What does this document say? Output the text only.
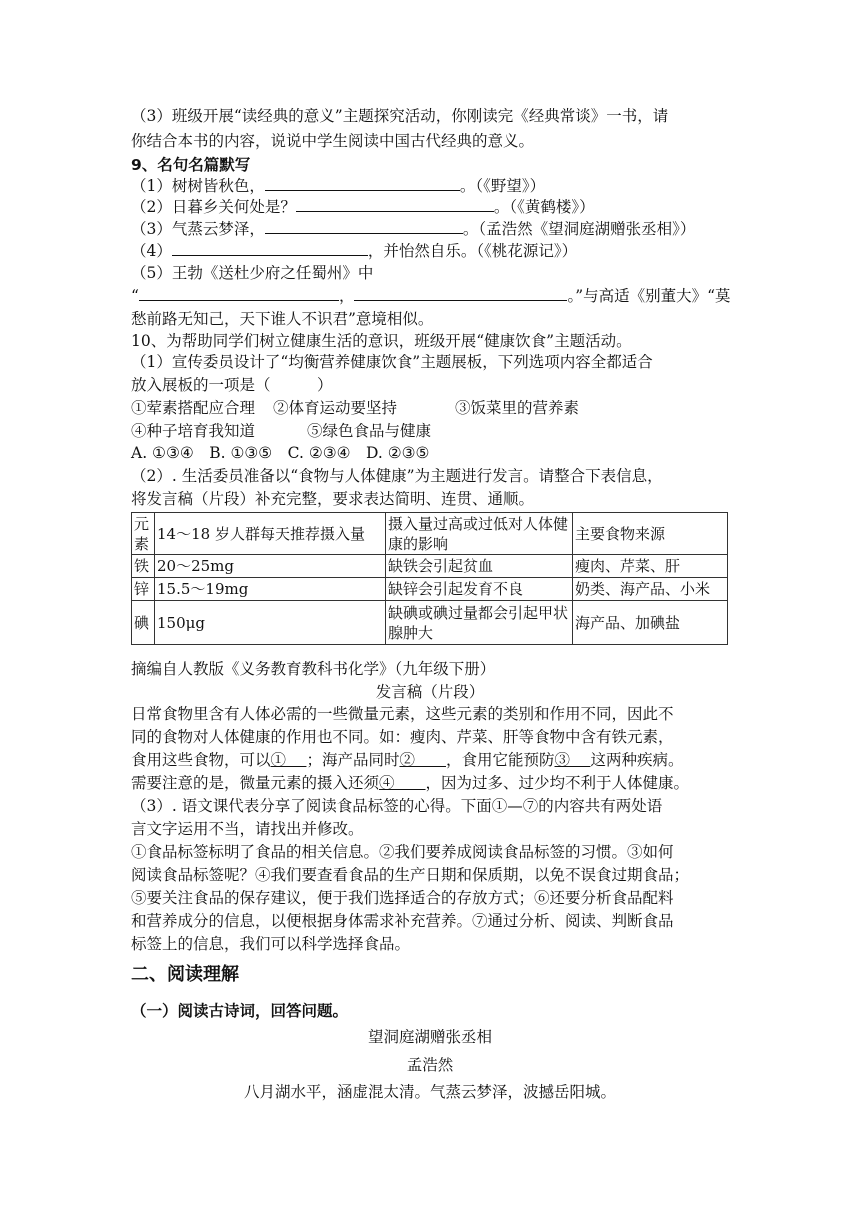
（3）班级开展“读经典的意义”主题探究活动，你刚读完《经典常谈》一书，请
你结合本书的内容，说说中学生阅读中国古代经典的意义。
9、名句名篇默写
（1）树树皆秋色，	。（《野望》）
（2）日暮乡关何处是？	。（《黄鹤楼》）
（3）气蒸云梦泽，	。（孟浩然《望洞庭湖赠张丞相》）
（4）	，并怡然自乐。（《桃花源记》）
（5）王勃《送杜少府之任蜀州》中
“	，	。”与高适《别董大》“莫
愁前路无知己，天下谁人不识君”意境相似。
10、为帮助同学们树立健康生活的意识，班级开展“健康饮食”主题活动。
（1）宣传委员设计了“均衡营养健康饮食”主题展板，下列选项内容全都适合
放入展板的一项是（　　　）
①荤素搭配应合理 ②体育运动要坚持	③饭菜里的营养素
④种子培育我知道	⑤绿色食品与健康
A. ①③④　B. ①③⑤　C. ②③④　D. ②③⑤
（2）. 生活委员准备以“食物与人体健康”为主题进行发言。请整合下表信息，
将发言稿（片段）补充完整，要求表达简明、连贯、通顺。
元素	14～18 岁人群每天推荐摄入量	摄入量过高或过低对人体健康的影响	主要食物来源
铁	20～25mg	缺铁会引起贫血	瘦肉、芹菜、肝
锌	15.5～19mg	缺锌会引起发育不良	奶类、海产品、小米
碘	150μg	缺碘或碘过量都会引起甲状腺肿大	海产品、加碘盐
摘编自人教版《义务教育教科书化学》（九年级下册）
发言稿（片段）
日常食物里含有人体必需的一些微量元素，这些元素的类别和作用不同，因此不
同的食物对人体健康的作用也不同。如：瘦肉、芹菜、肝等食物中含有铁元素，
食用这些食物，可以①　 ；海产品同时②　　，食用它能预防③　 这两种疾病。
需要注意的是，微量元素的摄入还须④　　，因为过多、过少均不利于人体健康。
（3）. 语文课代表分享了阅读食品标签的心得。下面①—⑦的内容共有两处语
言文字运用不当，请找出并修改。
①食品标签标明了食品的相关信息。②我们要养成阅读食品标签的习惯。③如何
阅读食品标签呢？④我们要查看食品的生产日期和保质期，以免不误食过期食品；
⑤要关注食品的保存建议，便于我们选择适合的存放方式；⑥还要分析食品配料
和营养成分的信息，以便根据身体需求补充营养。⑦通过分析、阅读、判断食品
标签上的信息，我们可以科学选择食品。
二、阅读理解
（一）阅读古诗词，回答问题。
望洞庭湖赠张丞相
孟浩然
八月湖水平，涵虚混太清。气蒸云梦泽，波撼岳阳城。
